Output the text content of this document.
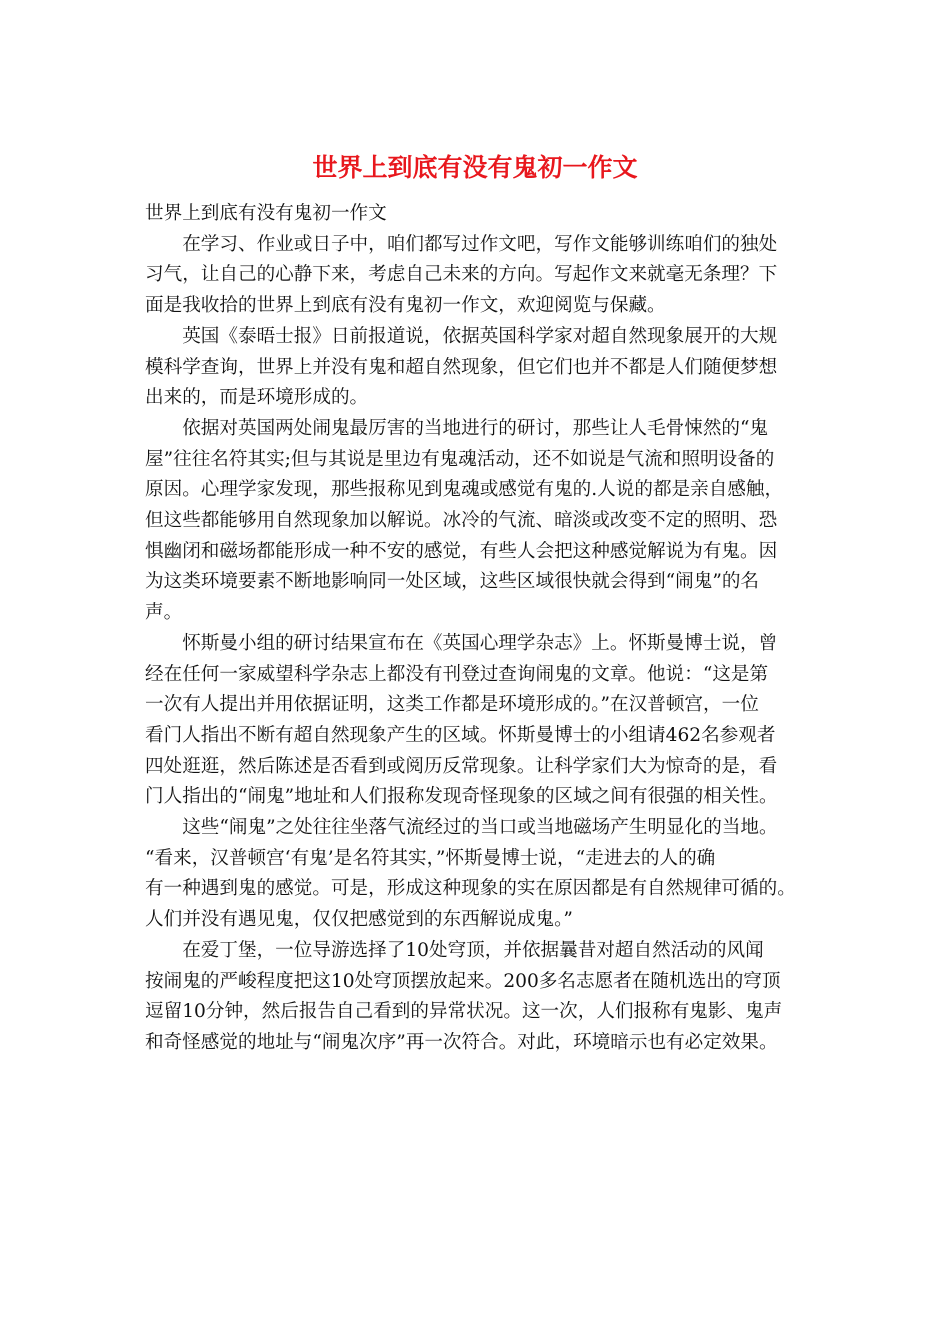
世界上到底有没有鬼初一作文

世界上到底有没有鬼初一作文

在学习、作业或日子中，咱们都写过作文吧，写作文能够训练咱们的独处
习气，让自己的心静下来，考虑自己未来的方向。写起作文来就毫无条理？下
面是我收拾的世界上到底有没有鬼初一作文，欢迎阅览与保藏。

英国《泰晤士报》日前报道说，依据英国科学家对超自然现象展开的大规
模科学查询，世界上并没有鬼和超自然现象，但它们也并不都是人们随便梦想
出来的，而是环境形成的。

依据对英国两处闹鬼最厉害的当地进行的研讨，那些让人毛骨悚然的“鬼
屋”往往名符其实;但与其说是里边有鬼魂活动，还不如说是气流和照明设备的
原因。心理学家发现，那些报称见到鬼魂或感觉有鬼的.人说的都是亲自感触，
但这些都能够用自然现象加以解说。冰冷的气流、暗淡或改变不定的照明、恐
惧幽闭和磁场都能形成一种不安的感觉，有些人会把这种感觉解说为有鬼。因
为这类环境要素不断地影响同一处区域，这些区域很快就会得到“闹鬼”的名
声。

怀斯曼小组的研讨结果宣布在《英国心理学杂志》上。怀斯曼博士说，曾
经在任何一家威望科学杂志上都没有刊登过查询闹鬼的文章。他说：“这是第
一次有人提出并用依据证明，这类工作都是环境形成的。”在汉普顿宫，一位
看门人指出不断有超自然现象产生的区域。怀斯曼博士的小组请462名参观者
四处逛逛，然后陈述是否看到或阅历反常现象。让科学家们大为惊奇的是，看
门人指出的“闹鬼”地址和人们报称发现奇怪现象的区域之间有很强的相关性。

这些“闹鬼”之处往往坐落气流经过的当口或当地磁场产生明显化的当地。
“看来，汉普顿宫‘有鬼’是名符其实，”怀斯曼博士说，“走进去的人的确
有一种遇到鬼的感觉。可是，形成这种现象的实在原因都是有自然规律可循的。
人们并没有遇见鬼，仅仅把感觉到的东西解说成鬼。”

在爱丁堡，一位导游选择了10处穹顶，并依据曩昔对超自然活动的风闻
按闹鬼的严峻程度把这10处穹顶摆放起来。200多名志愿者在随机选出的穹顶
逗留10分钟，然后报告自己看到的异常状况。这一次，人们报称有鬼影、鬼声
和奇怪感觉的地址与“闹鬼次序”再一次符合。对此，环境暗示也有必定效果。
